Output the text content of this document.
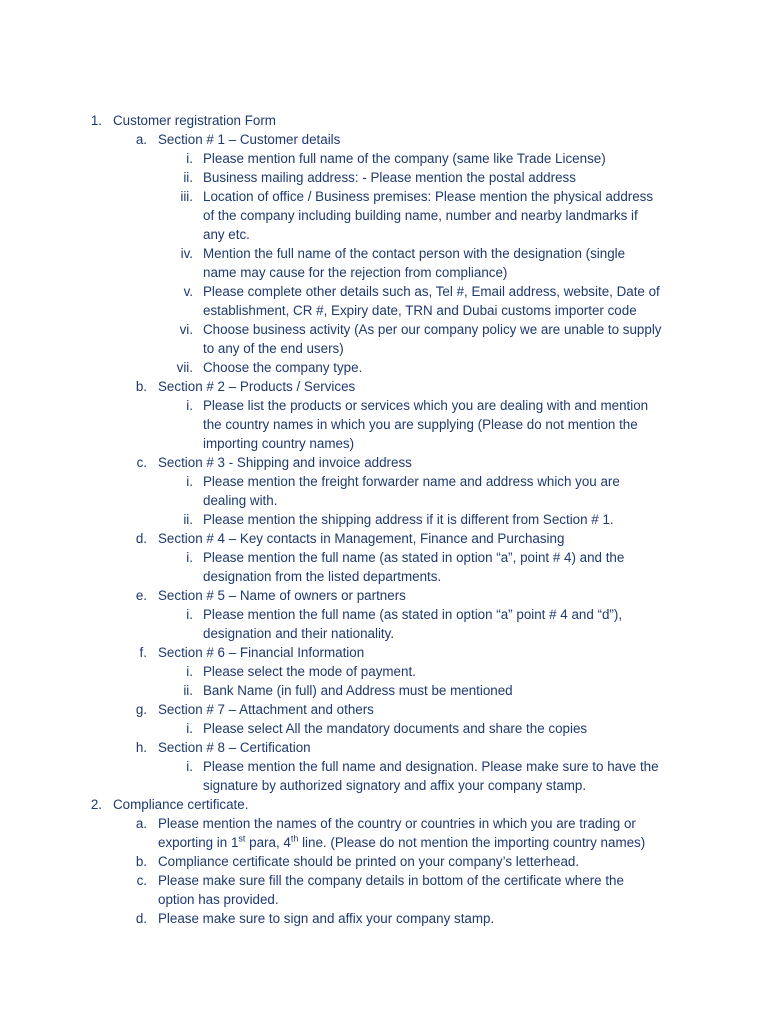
1. Customer registration Form
a. Section # 1 – Customer details
i. Please mention full name of the company (same like Trade License)
ii. Business mailing address: - Please mention the postal address
iii. Location of office / Business premises: Please mention the physical address
of the company including building name, number and nearby landmarks if
any etc.
iv. Mention the full name of the contact person with the designation (single
name may cause for the rejection from compliance)
v. Please complete other details such as, Tel #, Email address, website, Date of
establishment, CR #, Expiry date, TRN and Dubai customs importer code
vi. Choose business activity (As per our company policy we are unable to supply
to any of the end users)
vii. Choose the company type.
b. Section # 2 – Products / Services
i. Please list the products or services which you are dealing with and mention
the country names in which you are supplying (Please do not mention the
importing country names)
c. Section # 3 - Shipping and invoice address
i. Please mention the freight forwarder name and address which you are
dealing with.
ii. Please mention the shipping address if it is different from Section # 1.
d. Section # 4 – Key contacts in Management, Finance and Purchasing
i. Please mention the full name (as stated in option “a”, point # 4) and the
designation from the listed departments.
e. Section # 5 – Name of owners or partners
i. Please mention the full name (as stated in option “a” point # 4 and “d”),
designation and their nationality.
f. Section # 6 – Financial Information
i. Please select the mode of payment.
ii. Bank Name (in full) and Address must be mentioned
g. Section # 7 – Attachment and others
i. Please select All the mandatory documents and share the copies
h. Section # 8 – Certification
i. Please mention the full name and designation. Please make sure to have the
signature by authorized signatory and affix your company stamp.
2. Compliance certificate.
a. Please mention the names of the country or countries in which you are trading or
exporting in 1st para, 4th line. (Please do not mention the importing country names)
b. Compliance certificate should be printed on your company’s letterhead.
c. Please make sure fill the company details in bottom of the certificate where the
option has provided.
d. Please make sure to sign and affix your company stamp.
